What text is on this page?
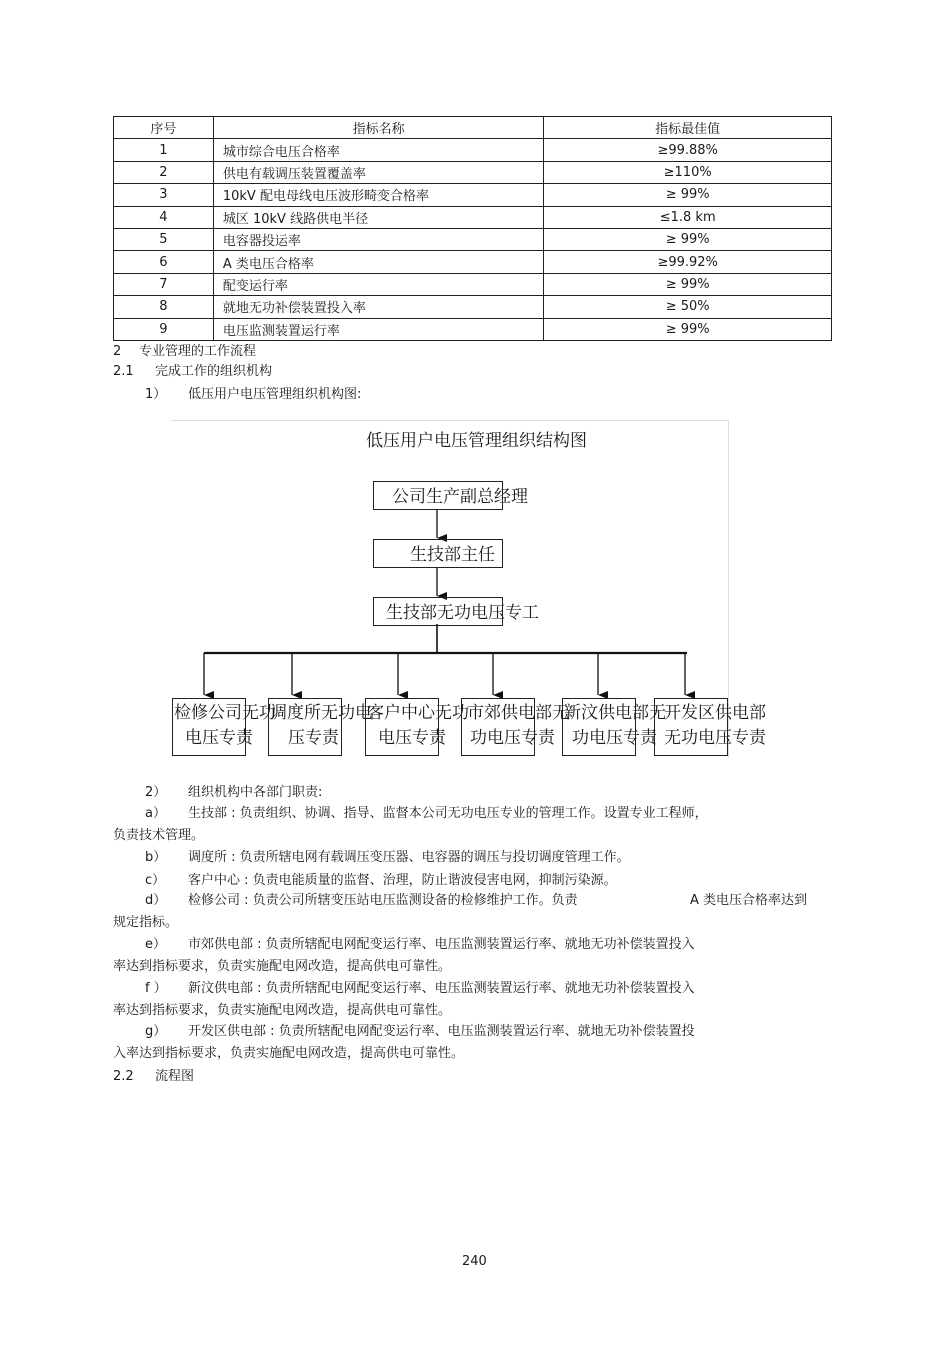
序号	指标名称	指标最佳值
1	城市综合电压合格率	≥99.88%
2	供电有载调压装置覆盖率	≥110%
3	10kV 配电母线电压波形畸变合格率	≥ 99%
4	城区 10kV 线路供电半径	≤1.8 km
5	电容器投运率	≥ 99%
6	A 类电压合格率	≥99.92%
7	配变运行率	≥ 99%
8	就地无功补偿装置投入率	≥ 50%
9	电压监测装置运行率	≥ 99%
2 专业管理的工作流程
2.1 完成工作的组织机构
1） 低压用户电压管理组织机构图:
低压用户电压管理组织结构图
公司生产副总经理
生技部主任
生技部无功电压专工
检修公司无功
电压专责
调度所无功电
压专责
客户中心无功
电压专责
市郊供电部无
功电压专责
新汶供电部无
功电压专责
开发区供电部
无功电压专责
2） 组织机构中各部门职责:
a） 生技部 : 负责组织、协调、指导、监督本公司无功电压专业的管理工作。设置专业工程师，
负责技术管理。
b） 调度所 : 负责所辖电网有载调压变压器、电容器的调压与投切调度管理工作。
c） 客户中心 : 负责电能质量的监督、治理，防止谐波侵害电网，抑制污染源。
d） 检修公司 : 负责公司所辖变压站电压监测设备的检修维护工作。负责	A 类电压合格率达到
规定指标。
e） 市郊供电部 : 负责所辖配电网配变运行率、电压监测装置运行率、就地无功补偿装置投入
率达到指标要求，负责实施配电网改造，提高供电可靠性。
f ） 新汶供电部 : 负责所辖配电网配变运行率、电压监测装置运行率、就地无功补偿装置投入
率达到指标要求，负责实施配电网改造，提高供电可靠性。
g） 开发区供电部 : 负责所辖配电网配变运行率、电压监测装置运行率、就地无功补偿装置投
入率达到指标要求，负责实施配电网改造，提高供电可靠性。
2.2 流程图
240
